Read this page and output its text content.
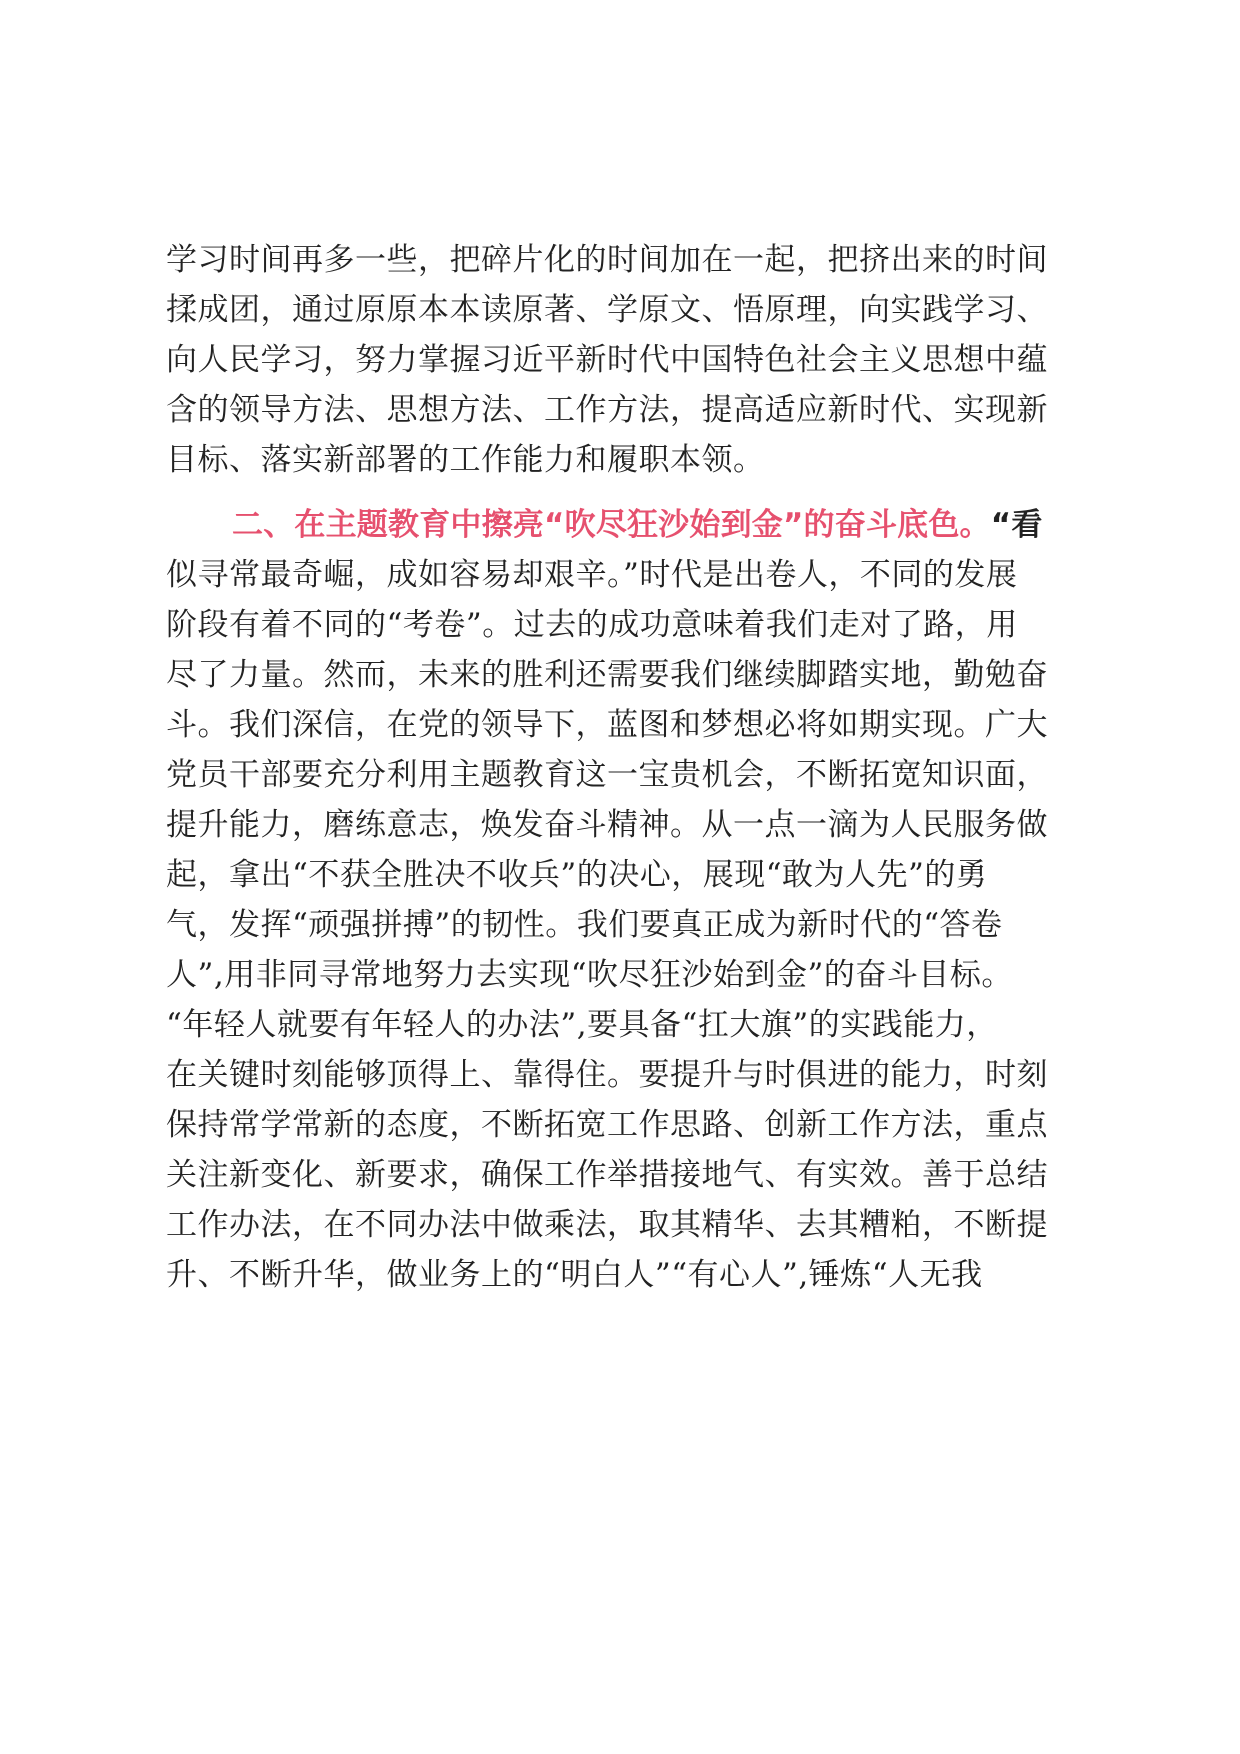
学习时间再多一些，把碎片化的时间加在一起，把挤出来的时间
揉成团，通过原原本本读原著、学原文、悟原理，向实践学习、
向人民学习，努力掌握习近平新时代中国特色社会主义思想中蕴
含的领导方法、思想方法、工作方法，提高适应新时代、实现新
目标、落实新部署的工作能力和履职本领。
二、在主题教育中擦亮“吹尽狂沙始到金”的奋斗底色。“看
似寻常最奇崛，成如容易却艰辛。”时代是出卷人，不同的发展
阶段有着不同的“考卷”。过去的成功意味着我们走对了路，用
尽了力量。然而，未来的胜利还需要我们继续脚踏实地，勤勉奋
斗。我们深信，在党的领导下，蓝图和梦想必将如期实现。广大
党员干部要充分利用主题教育这一宝贵机会，不断拓宽知识面，
提升能力，磨练意志，焕发奋斗精神。从一点一滴为人民服务做
起，拿出“不获全胜决不收兵”的决心，展现“敢为人先”的勇
气，发挥“顽强拼搏”的韧性。我们要真正成为新时代的“答卷
人”,用非同寻常地努力去实现“吹尽狂沙始到金”的奋斗目标。
“年轻人就要有年轻人的办法”,要具备“扛大旗”的实践能力，
在关键时刻能够顶得上、靠得住。要提升与时俱进的能力，时刻
保持常学常新的态度，不断拓宽工作思路、创新工作方法，重点
关注新变化、新要求，确保工作举措接地气、有实效。善于总结
工作办法，在不同办法中做乘法，取其精华、去其糟粕，不断提
升、不断升华，做业务上的“明白人”“有心人”,锤炼“人无我
